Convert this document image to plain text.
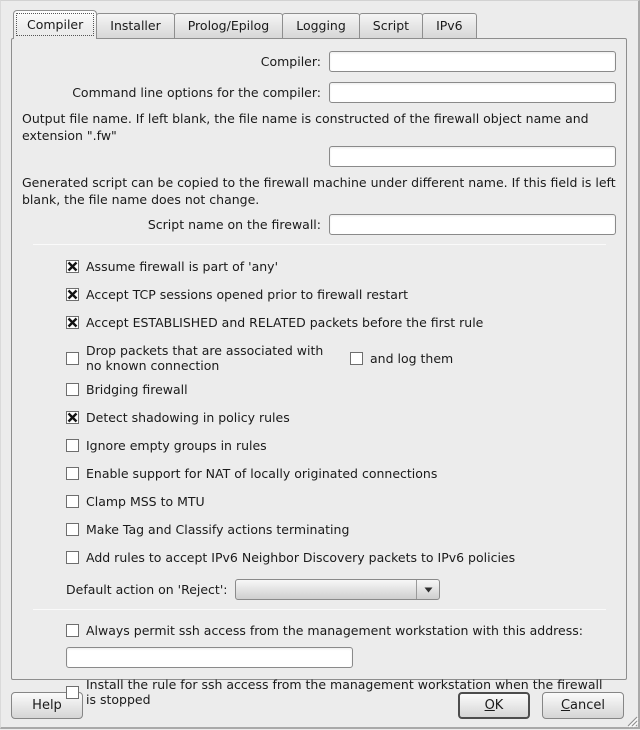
Compiler	Installer	Prolog/Epilog	Logging	Script	IPv6
Compiler:
Command line options for the compiler:
Output file name. If left blank, the file name is constructed of the firewall object name and extension ".fw"
Generated script can be copied to the firewall machine under different name. If this field is left blank, the file name does not change.
Script name on the firewall:
Assume firewall is part of 'any'
Accept TCP sessions opened prior to firewall restart
Accept ESTABLISHED and RELATED packets before the first rule
Drop packets that are associated with no known connection	and log them
Bridging firewall
Detect shadowing in policy rules
Ignore empty groups in rules
Enable support for NAT of locally originated connections
Clamp MSS to MTU
Make Tag and Classify actions terminating
Add rules to accept IPv6 Neighbor Discovery packets to IPv6 policies
Default action on 'Reject':
Always permit ssh access from the management workstation with this address:
Install the rule for ssh access from the management workstation when the firewall is stopped
Help	OK	Cancel
